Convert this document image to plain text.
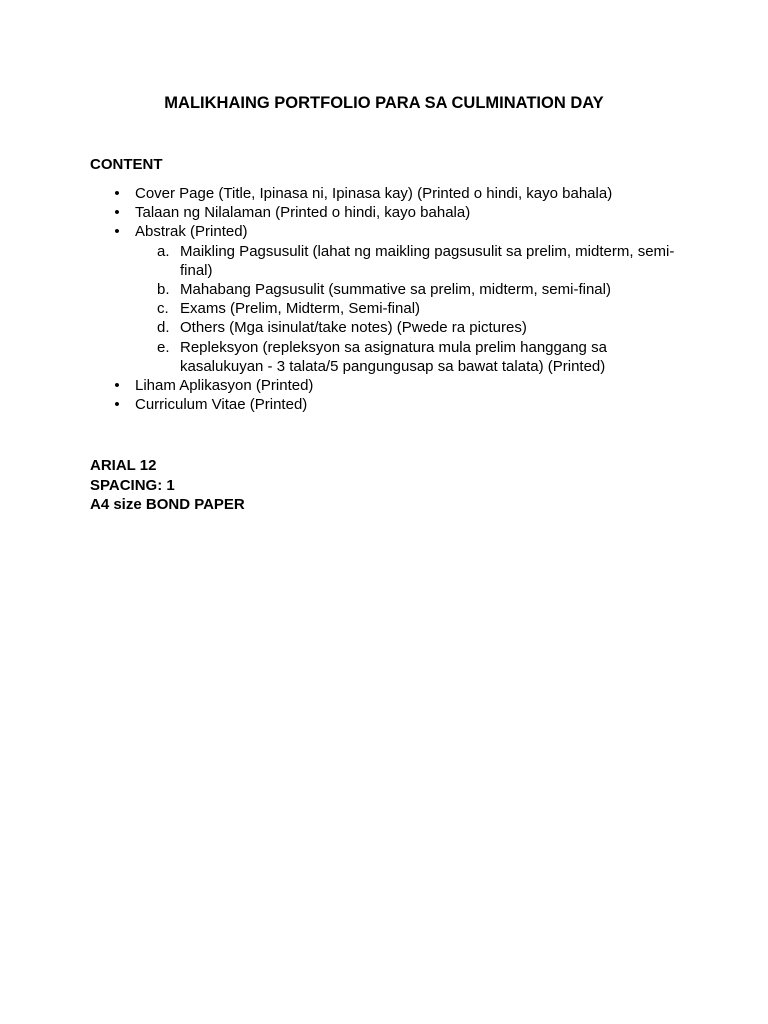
MALIKHAING PORTFOLIO PARA SA CULMINATION DAY
CONTENT
• Cover Page (Title, Ipinasa ni, Ipinasa kay) (Printed o hindi, kayo bahala)
• Talaan ng Nilalaman (Printed o hindi, kayo bahala)
• Abstrak (Printed)
a. Maikling Pagsusulit (lahat ng maikling pagsusulit sa prelim, midterm, semi-final)
b. Mahabang Pagsusulit (summative sa prelim, midterm, semi-final)
c. Exams (Prelim, Midterm, Semi-final)
d. Others (Mga isinulat/take notes) (Pwede ra pictures)
e. Repleksyon (repleksyon sa asignatura mula prelim hanggang sa kasalukuyan - 3 talata/5 pangungusap sa bawat talata) (Printed)
• Liham Aplikasyon (Printed)
• Curriculum Vitae (Printed)
ARIAL 12
SPACING: 1
A4 size BOND PAPER
